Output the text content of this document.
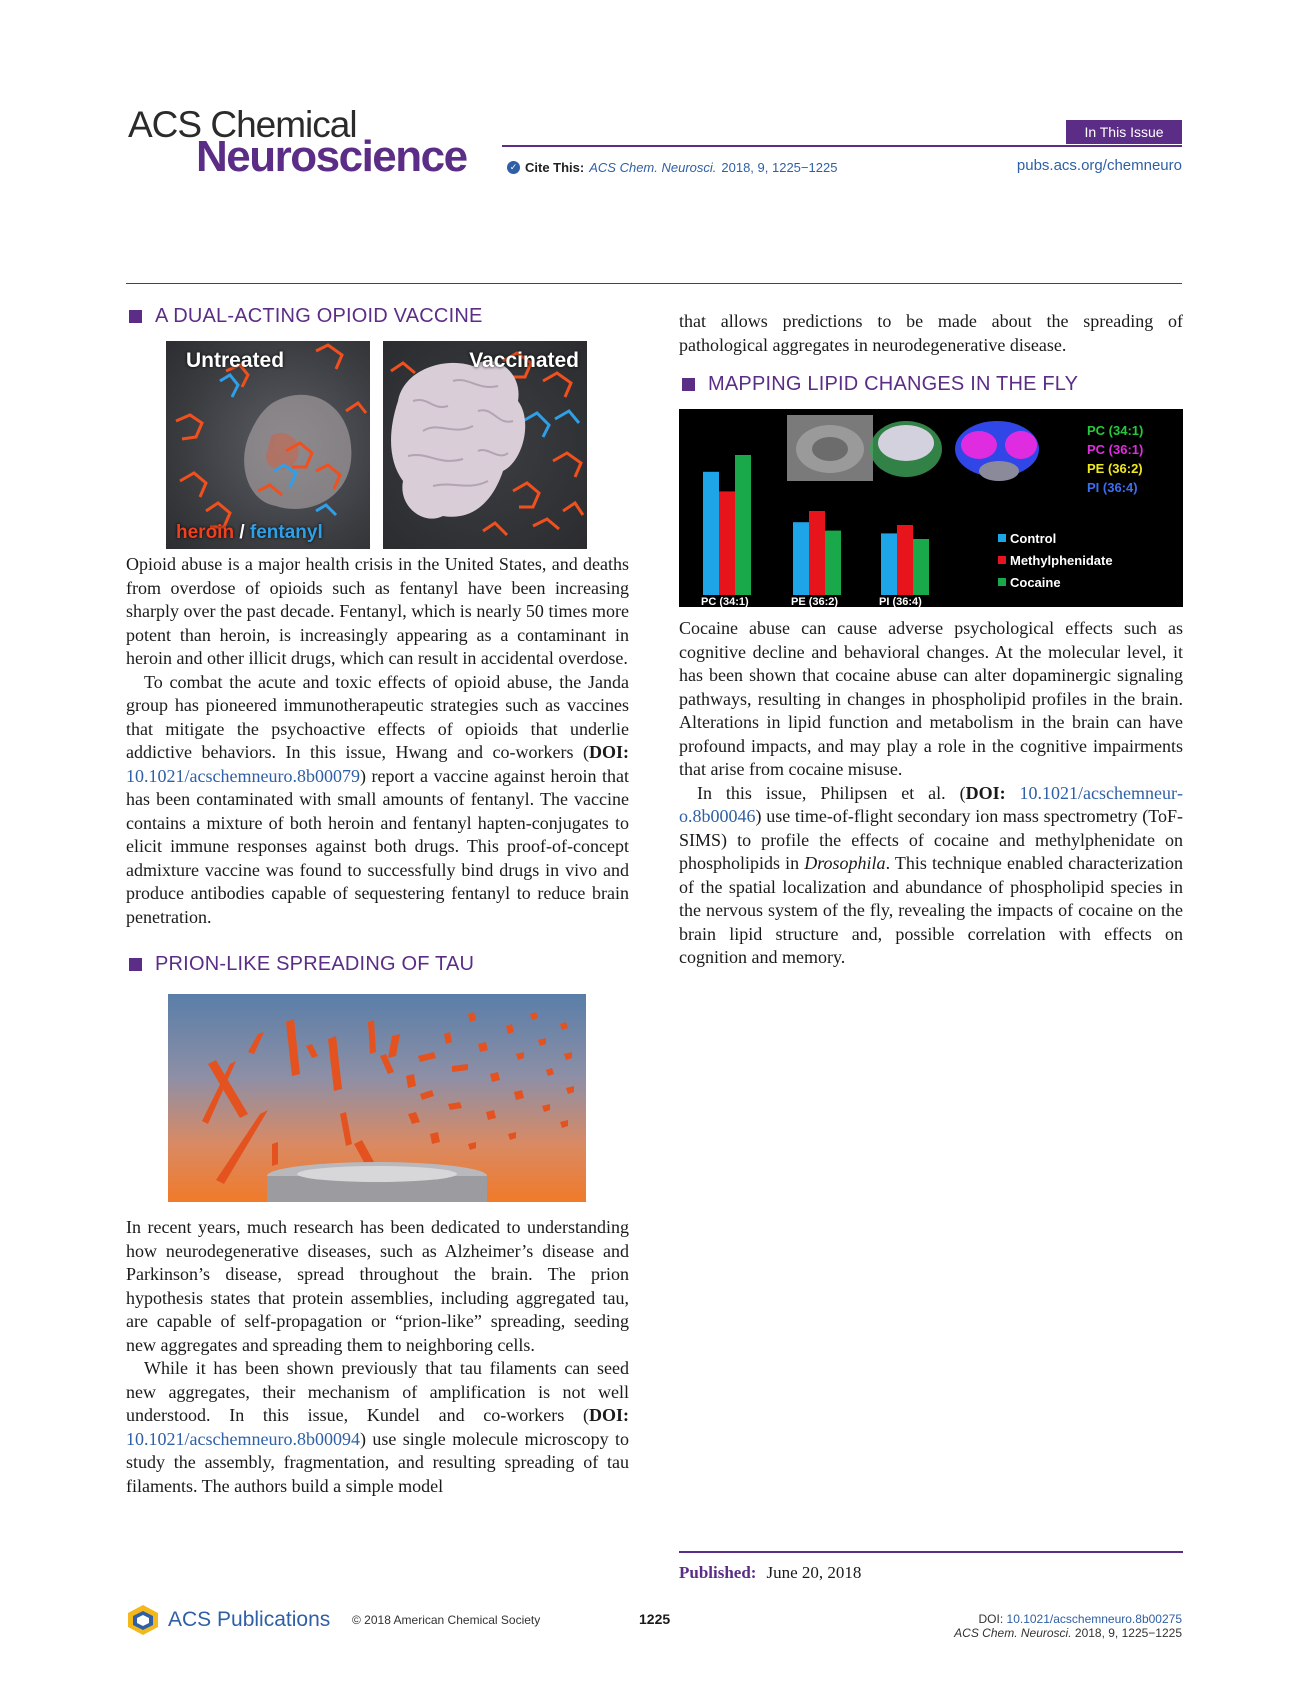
ACS Chemical
Neuroscience	In This Issue
✓ Cite This: ACS Chem. Neurosci. 2018, 9, 1225−1225	pubs.acs.org/chemneuro
A DUAL-ACTING OPIOID VACCINE
Untreated	Vaccinated
heroin / fentanyl

Opioid abuse is a major health crisis in the United States, and deaths from overdose of opioids such as fentanyl have been increasing sharply over the past decade. Fentanyl, which is nearly 50 times more potent than heroin, is increasingly appearing as a contaminant in heroin and other illicit drugs, which can result in accidental overdose.

To combat the acute and toxic effects of opioid abuse, the Janda group has pioneered immunotherapeutic strategies such as vaccines that mitigate the psychoactive effects of opioids that underlie addictive behaviors. In this issue, Hwang and co-workers (DOI: 10.1021/acschemneuro.8b00079) report a vaccine against heroin that has been contaminated with small amounts of fentanyl. The vaccine contains a mixture of both heroin and fentanyl hapten-conjugates to elicit immune responses against both drugs. This proof-of-concept admixture vaccine was found to successfully bind drugs in vivo and produce antibodies capable of sequestering fentanyl to reduce brain penetration.

PRION-LIKE SPREADING OF TAU

In recent years, much research has been dedicated to understanding how neurodegenerative diseases, such as Alzheimer’s disease and Parkinson’s disease, spread throughout the brain. The prion hypothesis states that protein assemblies, including aggregated tau, are capable of self-propagation or “prion-like” spreading, seeding new aggregates and spreading them to neighboring cells.

While it has been shown previously that tau filaments can seed new aggregates, their mechanism of amplification is not well understood. In this issue, Kundel and co-workers (DOI: 10.1021/acschemneuro.8b00094) use single molecule microscopy to study the assembly, fragmentation, and resulting spreading of tau filaments. The authors build a simple model

that allows predictions to be made about the spreading of pathological aggregates in neurodegenerative disease.

MAPPING LIPID CHANGES IN THE FLY
PC (34:1)	PE (36:2)	PI (36:4)
Control
Methylphenidate
Cocaine
PC (34:1)
PC (36:1)
PE (36:2)
PI (36:4)

Cocaine abuse can cause adverse psychological effects such as cognitive decline and behavioral changes. At the molecular level, it has been shown that cocaine abuse can alter dopaminergic signaling pathways, resulting in changes in phospholipid profiles in the brain. Alterations in lipid function and metabolism in the brain can have profound impacts, and may play a role in the cognitive impairments that arise from cocaine misuse.

In this issue, Philipsen et al. (DOI: 10.1021/acschemneuro.8b00046) use time-of-flight secondary ion mass spectrometry (ToF-SIMS) to profile the effects of cocaine and methylphenidate on phospholipids in Drosophila. This technique enabled characterization of the spatial localization and abundance of phospholipid species in the nervous system of the fly, revealing the impacts of cocaine on the brain lipid structure and, possible correlation with effects on cognition and memory.

Published: June 20, 2018
ACS Publications © 2018 American Chemical Society	1225	DOI: 10.1021/acschemneuro.8b00275
ACS Chem. Neurosci. 2018, 9, 1225−1225
